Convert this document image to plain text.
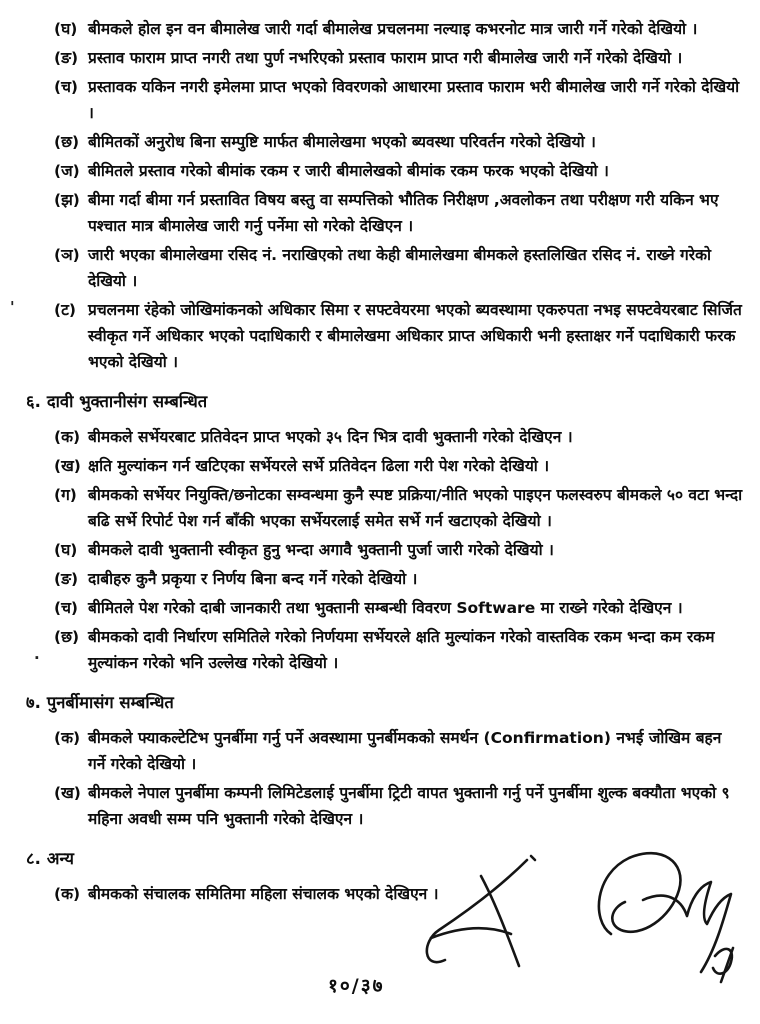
(घ) बीमकले होल इन वन बीमालेख जारी गर्दा बीमालेख प्रचलनमा नल्याइ कभरनोट मात्र जारी गर्ने गरेको देखियो ।
(ङ) प्रस्ताव फाराम प्राप्त नगरी तथा पुर्ण नभरिएको प्रस्ताव फाराम प्राप्त गरी बीमालेख जारी गर्ने गरेको देखियो ।
(च) प्रस्तावक यकिन नगरी इमेलमा प्राप्त भएको विवरणको आधारमा प्रस्ताव फाराम भरी बीमालेख जारी गर्ने गरेको देखियो ।
(छ) बीमितकों अनुरोध बिना सम्पुष्टि मार्फत बीमालेखमा भएको ब्यवस्था परिवर्तन गरेको देखियो ।
(ज) बीमितले प्रस्ताव गरेको बीमांक रकम र जारी बीमालेखको बीमांक रकम फरक भएको देखियो ।
(झ) बीमा गर्दा बीमा गर्न प्रस्तावित विषय बस्तु वा सम्पत्तिको भौतिक निरीक्षण ,अवलोकन तथा परीक्षण गरी यकिन भए पश्चात मात्र बीमालेख जारी गर्नु पर्नेमा सो गरेको देखिएन ।
(ञ) जारी भएका बीमालेखमा रसिद नं. नराखिएको तथा केही बीमालेखमा बीमकले हस्तलिखित रसिद नं. राख्ने गरेको देखियो ।
(ट) प्रचलनमा रंहेको जोखिमांकनको अधिकार सिमा र सफ्टवेयरमा भएको ब्यवस्थामा एकरुपता नभइ सफ्टवेयरबाट सिर्जित स्वीकृत गर्ने अधिकार भएको पदाधिकारी र बीमालेखमा अधिकार प्राप्त अधिकारी भनी हस्ताक्षर गर्ने पदाधिकारी फरक भएको देखियो ।
६. दावी भुक्तानीसंग सम्बन्धित
(क) बीमकले सर्भेयरबाट प्रतिवेदन प्राप्त भएको ३५ दिन भित्र दावी भुक्तानी गरेको देखिएन ।
(ख) क्षति मुल्यांकन गर्न खटिएका सर्भेयरले सर्भे प्रतिवेदन ढिला गरी पेश गरेको देखियो ।
(ग) बीमकको सर्भेयर नियुक्ति/छनोटका सम्वन्धमा कुनै स्पष्ट प्रक्रिया/नीति भएको पाइएन फलस्वरुप बीमकले ५० वटा भन्दा बढि सर्भे रिपोर्ट पेश गर्न बाँकी भएका सर्भेयरलाई समेत सर्भे गर्न खटाएको देखियो ।
(घ) बीमकले दावी भुक्तानी स्वीकृत हुनु भन्दा अगावै भुक्तानी पुर्जा जारी गरेको देखियो ।
(ङ) दाबीहरु कुनै प्रकृया र निर्णय बिना बन्द गर्ने गरेको देखियो ।
(च) बीमितले पेश गरेको दाबी जानकारी तथा भुक्तानी सम्बन्धी विवरण Software मा राख्ने गरेको देखिएन ।
(छ) बीमकको दावी निर्धारण समितिले गरेको निर्णयमा सर्भेयरले क्षति मुल्यांकन गरेको वास्तविक रकम भन्दा कम रकम मुल्यांकन गरेको भनि उल्लेख गरेको देखियो ।
७. पुनर्बीमासंग सम्बन्धित
(क) बीमकले फ्याकल्टेटिभ पुनर्बीमा गर्नु पर्ने अवस्थामा पुनर्बीमकको समर्थन (Confirmation) नभई जोखिम बहन गर्ने गरेको देखियो ।
(ख) बीमकले नेपाल पुनर्बीमा कम्पनी लिमिटेडलाई पुनर्बीमा ट्रिटी वापत भुक्तानी गर्नु पर्ने पुनर्बीमा शुल्क बक्यौता भएको ९ महिना अवधी सम्म पनि भुक्तानी गरेको देखिएन ।
८. अन्य
(क) बीमकको संचालक समितिमा महिला संचालक भएको देखिएन ।
'
.
१०/३७
